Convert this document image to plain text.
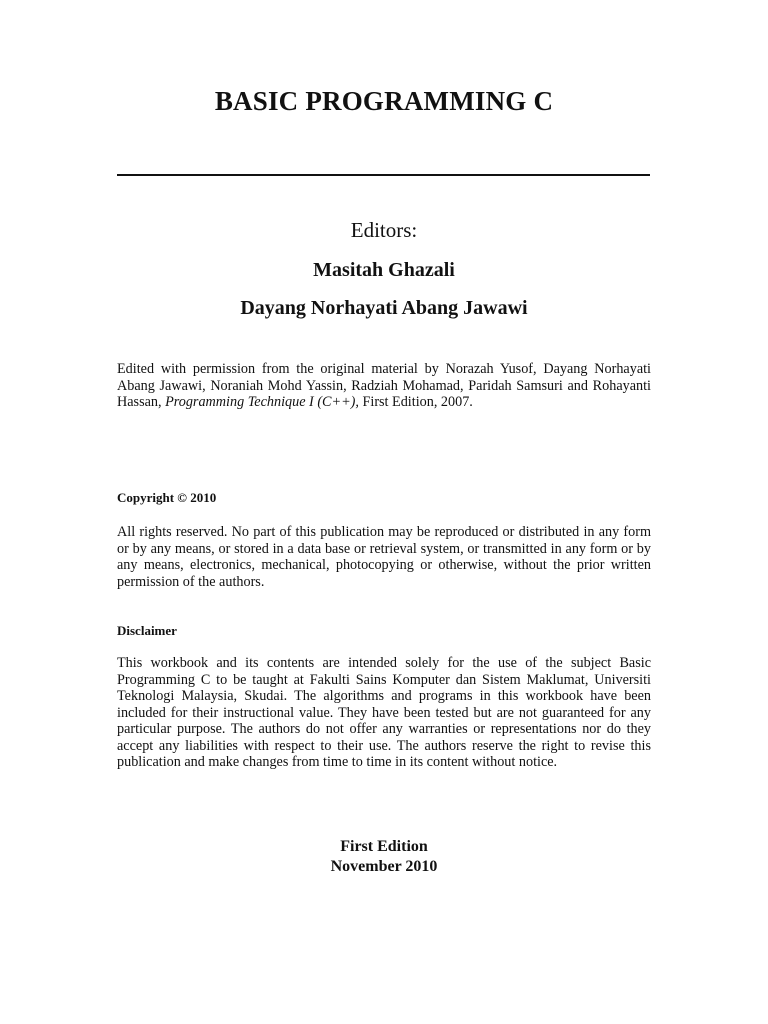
BASIC PROGRAMMING C
Editors:
Masitah Ghazali
Dayang Norhayati Abang Jawawi
Edited with permission from the original material by Norazah Yusof, Dayang Norhayati Abang Jawawi, Noraniah Mohd Yassin, Radziah Mohamad, Paridah Samsuri and Rohayanti Hassan, Programming Technique I (C++), First Edition, 2007.
Copyright © 2010
All rights reserved. No part of this publication may be reproduced or distributed in any form or by any means, or stored in a data base or retrieval system, or transmitted in any form or by any means, electronics, mechanical, photocopying or otherwise, without the prior written permission of the authors.
Disclaimer
This workbook and its contents are intended solely for the use of the subject Basic Programming C to be taught at Fakulti Sains Komputer dan Sistem Maklumat, Universiti Teknologi Malaysia, Skudai. The algorithms and programs in this workbook have been included for their instructional value. They have been tested but are not guaranteed for any particular purpose. The authors do not offer any warranties or representations nor do they accept any liabilities with respect to their use. The authors reserve the right to revise this publication and make changes from time to time in its content without notice.
First Edition
November 2010
